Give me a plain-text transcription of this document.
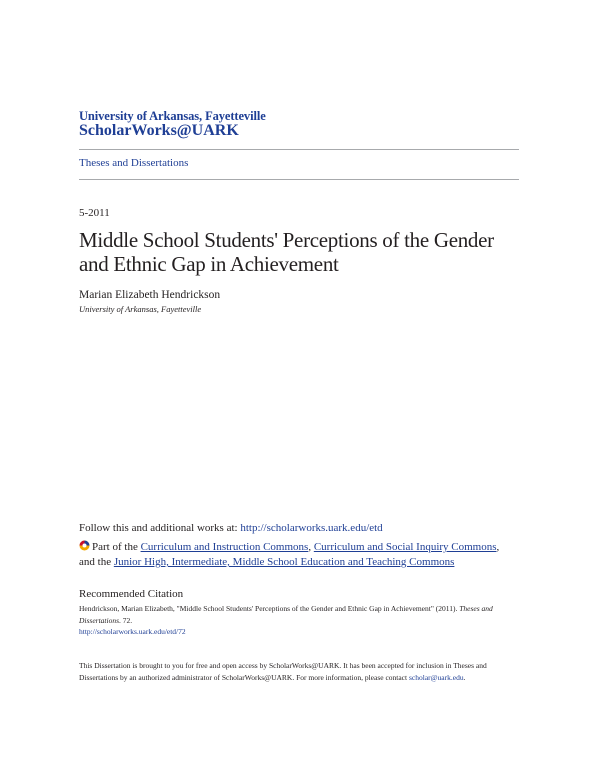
University of Arkansas, Fayetteville
ScholarWorks@UARK
Theses and Dissertations
5-2011
Middle School Students' Perceptions of the Gender
and Ethnic Gap in Achievement
Marian Elizabeth Hendrickson
University of Arkansas, Fayetteville
Follow this and additional works at: http://scholarworks.uark.edu/etd
Part of the Curriculum and Instruction Commons, Curriculum and Social Inquiry Commons,
and the Junior High, Intermediate, Middle School Education and Teaching Commons
Recommended Citation
Hendrickson, Marian Elizabeth, "Middle School Students' Perceptions of the Gender and Ethnic Gap in Achievement" (2011). Theses and Dissertations. 72.
http://scholarworks.uark.edu/etd/72
This Dissertation is brought to you for free and open access by ScholarWorks@UARK. It has been accepted for inclusion in Theses and Dissertations by an authorized administrator of ScholarWorks@UARK. For more information, please contact scholar@uark.edu.
